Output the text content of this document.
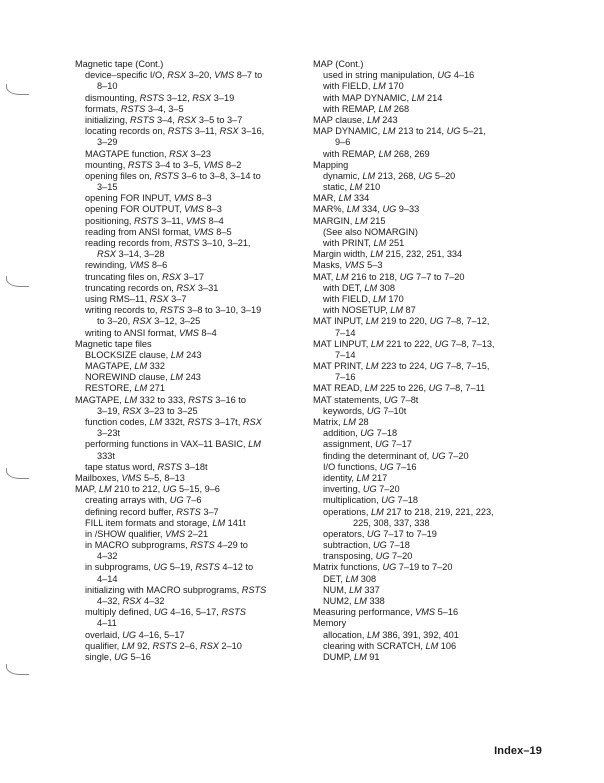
Magnetic tape (Cont.)
device–specific I/O, RSX 3–20, VMS 8–7 to
8–10
dismounting, RSTS 3–12, RSX 3–19
formats, RSTS 3–4, 3–5
initializing, RSTS 3–4, RSX 3–5 to 3–7
locating records on, RSTS 3–11, RSX 3–16,
3–29
MAGTAPE function, RSX 3–23
mounting, RSTS 3–4 to 3–5, VMS 8–2
opening files on, RSTS 3–6 to 3–8, 3–14 to
3–15
opening FOR INPUT, VMS 8–3
opening FOR OUTPUT, VMS 8–3
positioning, RSTS 3–11, VMS 8–4
reading from ANSI format, VMS 8–5
reading records from, RSTS 3–10, 3–21,
RSX 3–14, 3–28
rewinding, VMS 8–6
truncating files on, RSX 3–17
truncating records on, RSX 3–31
using RMS–11, RSX 3–7
writing records to, RSTS 3–8 to 3–10, 3–19
to 3–20, RSX 3–12, 3–25
writing to ANSI format, VMS 8–4
Magnetic tape files
BLOCKSIZE clause, LM 243
MAGTAPE, LM 332
NOREWIND clause, LM 243
RESTORE, LM 271
MAGTAPE, LM 332 to 333, RSTS 3–16 to
3–19, RSX 3–23 to 3–25
function codes, LM 332t, RSTS 3–17t, RSX
3–23t
performing functions in VAX–11 BASIC, LM
333t
tape status word, RSTS 3–18t
Mailboxes, VMS 5–5, 8–13
MAP, LM 210 to 212, UG 5–15, 9–6
creating arrays with, UG 7–6
defining record buffer, RSTS 3–7
FILL item formats and storage, LM 141t
in /SHOW qualifier, VMS 2–21
in MACRO subprograms, RSTS 4–29 to
4–32
in subprograms, UG 5–19, RSTS 4–12 to
4–14
initializing with MACRO subprograms, RSTS
4–32, RSX 4–32
multiply defined, UG 4–16, 5–17, RSTS
4–11
overlaid, UG 4–16, 5–17
qualifier, LM 92, RSTS 2–6, RSX 2–10
single, UG 5–16
MAP (Cont.)
used in string manipulation, UG 4–16
with FIELD, LM 170
with MAP DYNAMIC, LM 214
with REMAP, LM 268
MAP clause, LM 243
MAP DYNAMIC, LM 213 to 214, UG 5–21,
9–6
with REMAP, LM 268, 269
Mapping
dynamic, LM 213, 268, UG 5–20
static, LM 210
MAR, LM 334
MAR%, LM 334, UG 9–33
MARGIN, LM 215
(See also NOMARGIN)
with PRINT, LM 251
Margin width, LM 215, 232, 251, 334
Masks, VMS 5–3
MAT, LM 216 to 218, UG 7–7 to 7–20
with DET, LM 308
with FIELD, LM 170
with NOSETUP, LM 87
MAT INPUT, LM 219 to 220, UG 7–8, 7–12,
7–14
MAT LINPUT, LM 221 to 222, UG 7–8, 7–13,
7–14
MAT PRINT, LM 223 to 224, UG 7–8, 7–15,
7–16
MAT READ, LM 225 to 226, UG 7–8, 7–11
MAT statements, UG 7–8t
keywords, UG 7–10t
Matrix, LM 28
addition, UG 7–18
assignment, UG 7–17
finding the determinant of, UG 7–20
I/O functions, UG 7–16
identity, LM 217
inverting, UG 7–20
multiplication, UG 7–18
operations, LM 217 to 218, 219, 221, 223,
225, 308, 337, 338
operators, UG 7–17 to 7–19
subtraction, UG 7–18
transposing, UG 7–20
Matrix functions, UG 7–19 to 7–20
DET, LM 308
NUM, LM 337
NUM2, LM 338
Measuring performance, VMS 5–16
Memory
allocation, LM 386, 391, 392, 401
clearing with SCRATCH, LM 106
DUMP, LM 91
Index–19
